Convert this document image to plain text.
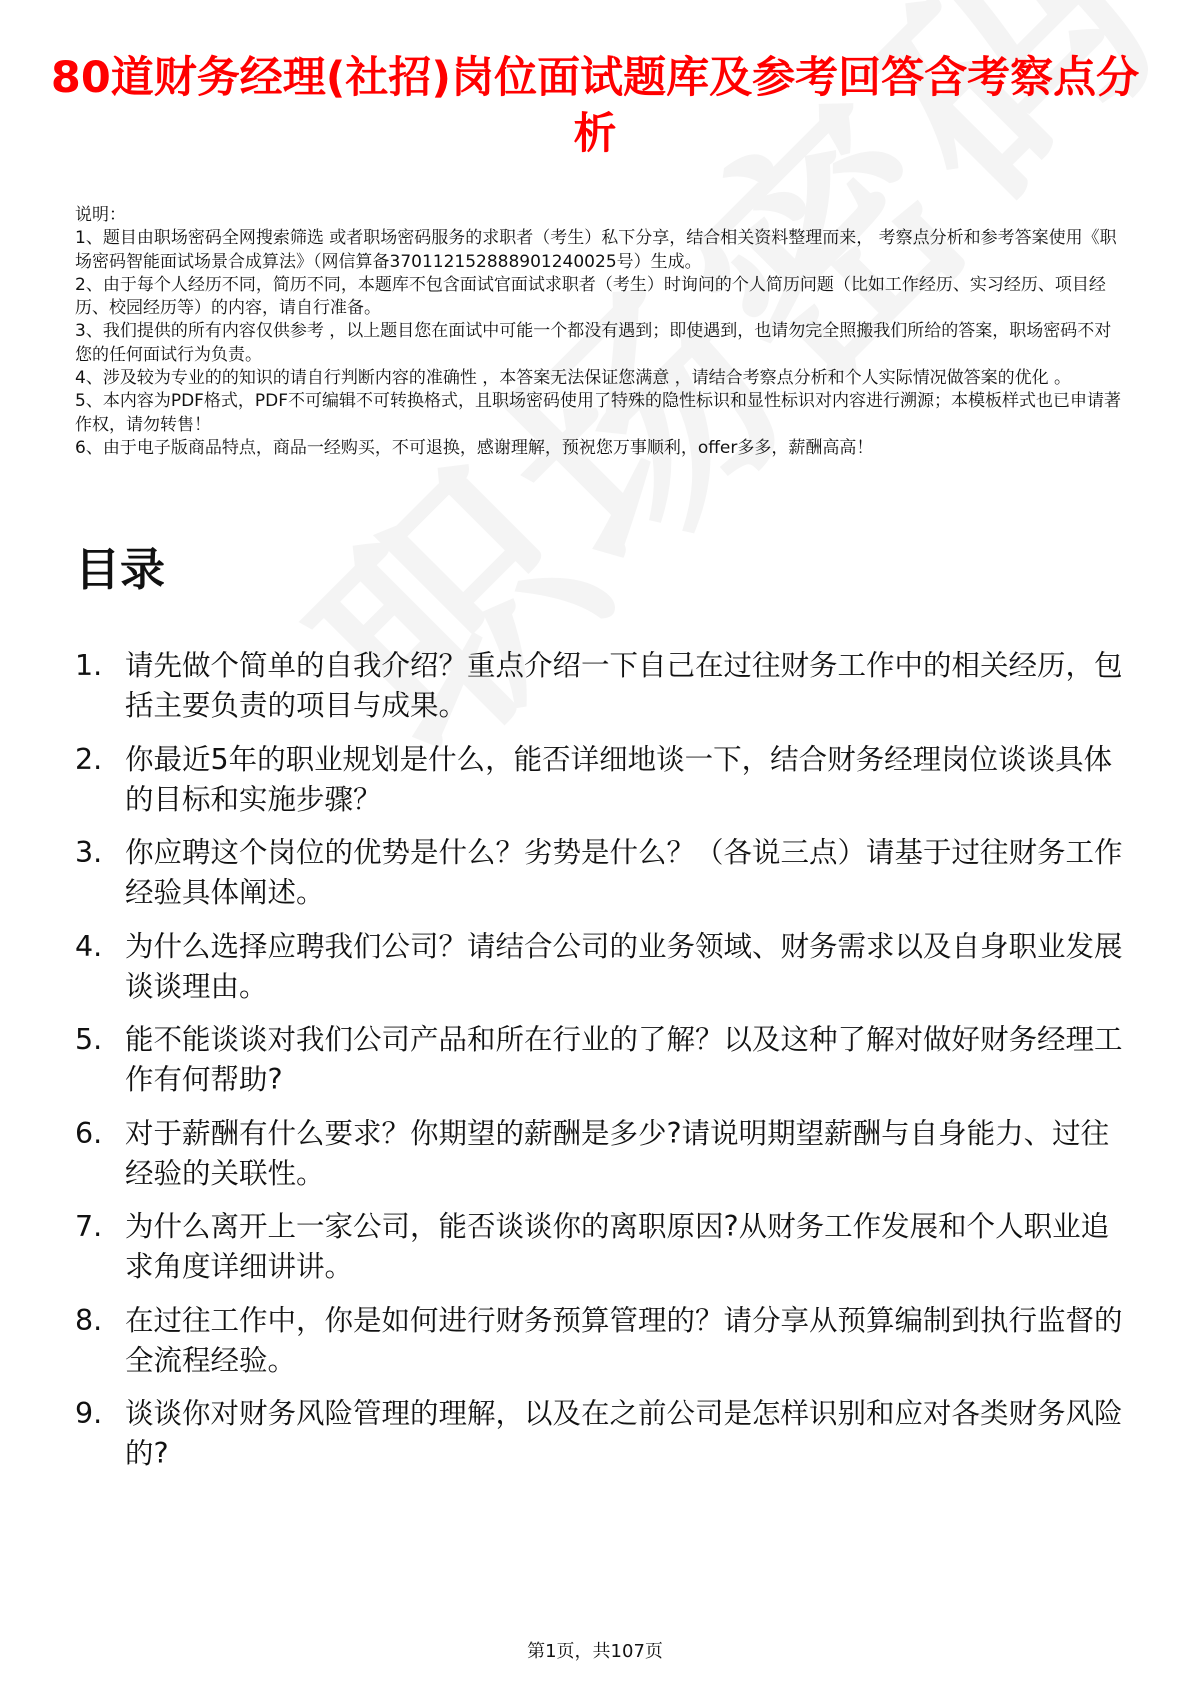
80道财务经理(社招)岗位面试题库及参考回答含考察点分析

说明：

1、题目由职场密码全网搜索筛选 或者职场密码服务的求职者（考生）私下分享，结合相关资料整理而来， 考察点分析和参考答案使用《职场密码智能面试场景合成算法》（网信算备370112152888901240025号）生成。

2、由于每个人经历不同，简历不同，本题库不包含面试官面试求职者（考生）时询问的个人简历问题（比如工作经历、实习经历、项目经历、校园经历等）的内容，请自行准备。

3、我们提供的所有内容仅供参考 ，以上题目您在面试中可能一个都没有遇到；即使遇到，也请勿完全照搬我们所给的答案，职场密码不对您的任何面试行为负责。

4、涉及较为专业的的知识的请自行判断内容的准确性 ，本答案无法保证您满意 ，请结合考察点分析和个人实际情况做答案的优化 。

5、本内容为PDF格式，PDF不可编辑不可转换格式，且职场密码使用了特殊的隐性标识和显性标识对内容进行溯源；本模板样式也已申请著作权，请勿转售！

6、由于电子版商品特点，商品一经购买，不可退换，感谢理解，预祝您万事顺利，offer多多，薪酬高高！

目录
1. 请先做个简单的自我介绍？重点介绍一下自己在过往财务工作中的相关经历，包括主要负责的项目与成果。
2. 你最近5年的职业规划是什么，能否详细地谈一下，结合财务经理岗位谈谈具体的目标和实施步骤？
3. 你应聘这个岗位的优势是什么？劣势是什么？（各说三点）请基于过往财务工作经验具体阐述。
4. 为什么选择应聘我们公司？请结合公司的业务领域、财务需求以及自身职业发展谈谈理由。
5. 能不能谈谈对我们公司产品和所在行业的了解？以及这种了解对做好财务经理工作有何帮助?
6. 对于薪酬有什么要求？你期望的薪酬是多少?请说明期望薪酬与自身能力、过往经验的关联性。
7. 为什么离开上一家公司，能否谈谈你的离职原因?从财务工作发展和个人职业追求角度详细讲讲。
8. 在过往工作中，你是如何进行财务预算管理的？请分享从预算编制到执行监督的全流程经验。
9. 谈谈你对财务风险管理的理解，以及在之前公司是怎样识别和应对各类财务风险的?
第1页，共107页
